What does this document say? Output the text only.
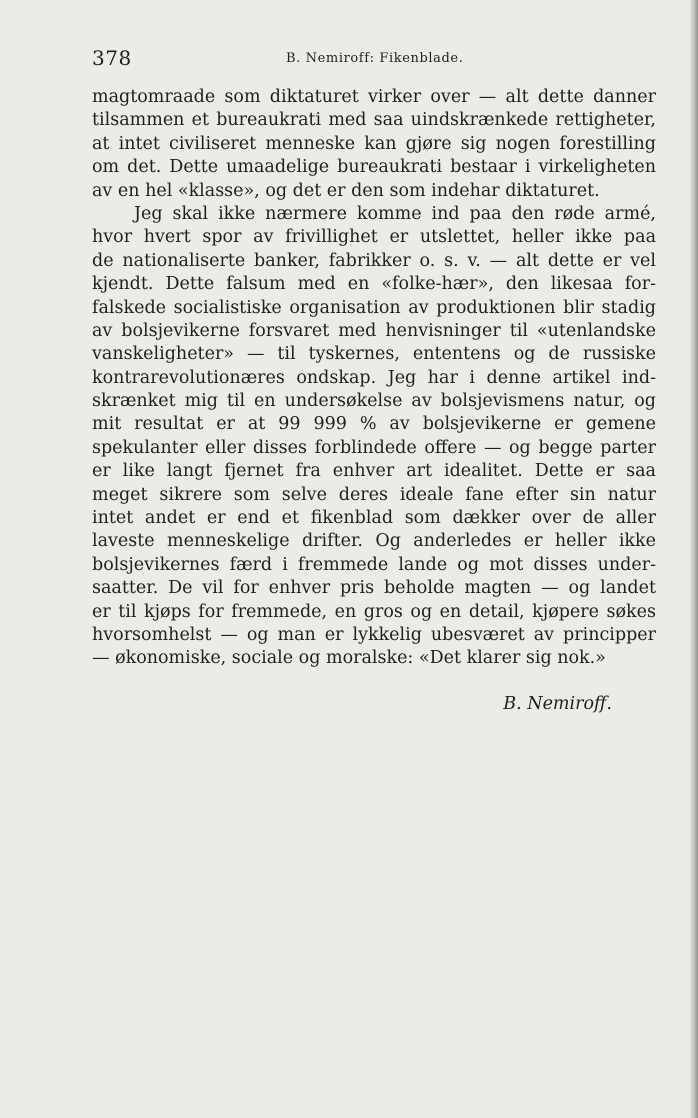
378	B. Nemiroff: Fikenblade.
magtomraade som diktaturet virker over — alt dette danner
tilsammen et bureaukrati med saa uindskrænkede rettigheter,
at intet civiliseret menneske kan gjøre sig nogen forestilling
om det. Dette umaadelige bureaukrati bestaar i virkeligheten
av en hel «klasse», og det er den som indehar diktaturet.
Jeg skal ikke nærmere komme ind paa den røde armé,
hvor hvert spor av frivillighet er utslettet, heller ikke paa
de nationaliserte banker, fabrikker o. s. v. — alt dette er vel
kjendt. Dette falsum med en «folke-hær», den likesaa for-
falskede socialistiske organisation av produktionen blir stadig
av bolsjevikerne forsvaret med henvisninger til «utenlandske
vanskeligheter» — til tyskernes, ententens og de russiske
kontrarevolutionæres ondskap. Jeg har i denne artikel ind-
skrænket mig til en undersøkelse av bolsjevismens natur, og
mit resultat er at 99 999 % av bolsjevikerne er gemene
spekulanter eller disses forblindede offere — og begge parter
er like langt fjernet fra enhver art idealitet. Dette er saa
meget sikrere som selve deres ideale fane efter sin natur
intet andet er end et fikenblad som dækker over de aller
laveste menneskelige drifter. Og anderledes er heller ikke
bolsjevikernes færd i fremmede lande og mot disses under-
saatter. De vil for enhver pris beholde magten — og landet
er til kjøps for fremmede, en gros og en detail, kjøpere søkes
hvorsomhelst — og man er lykkelig ubesværet av principper
— økonomiske, sociale og moralske: «Det klarer sig nok.»
B. Nemiroff.
